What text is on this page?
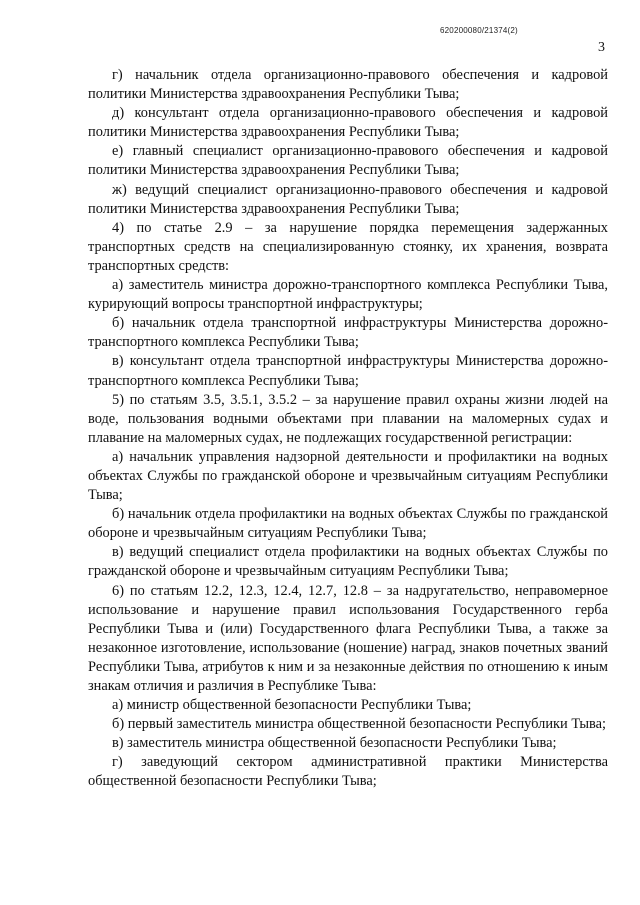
620200080/21374(2)
3

г) начальник отдела организационно-правового обеспечения и кадровой политики Министерства здравоохранения Республики Тыва;

д) консультант отдела организационно-правового обеспечения и кадровой политики Министерства здравоохранения Республики Тыва;

е) главный специалист организационно-правового обеспечения и кадровой политики Министерства здравоохранения Республики Тыва;

ж) ведущий специалист организационно-правового обеспечения и кадровой политики Министерства здравоохранения Республики Тыва;

4) по статье 2.9 – за нарушение порядка перемещения задержанных транспортных средств на специализированную стоянку, их хранения, возврата транспортных средств:

а) заместитель министра дорожно-транспортного комплекса Республики Тыва, курирующий вопросы транспортной инфраструктуры;

б) начальник отдела транспортной инфраструктуры Министерства дорожно-транспортного комплекса Республики Тыва;

в) консультант отдела транспортной инфраструктуры Министерства дорожно-транспортного комплекса Республики Тыва;

5) по статьям 3.5, 3.5.1, 3.5.2 – за нарушение правил охраны жизни людей на воде, пользования водными объектами при плавании на маломерных судах и плавание на маломерных судах, не подлежащих государственной регистрации:

а) начальник управления надзорной деятельности и профилактики на водных объектах Службы по гражданской обороне и чрезвычайным ситуациям Республики Тыва;

б) начальник отдела профилактики на водных объектах Службы по гражданской обороне и чрезвычайным ситуациям Республики Тыва;

в) ведущий специалист отдела профилактики на водных объектах Службы по гражданской обороне и чрезвычайным ситуациям Республики Тыва;

6) по статьям 12.2, 12.3, 12.4, 12.7, 12.8 – за надругательство, неправомерное использование и нарушение правил использования Государственного герба Республики Тыва и (или) Государственного флага Республики Тыва, а также за незаконное изготовление, использование (ношение) наград, знаков почетных званий Республики Тыва, атрибутов к ним и за незаконные действия по отношению к иным знакам отличия и различия в Республике Тыва:

а) министр общественной безопасности Республики Тыва;

б) первый заместитель министра общественной безопасности Республики Тыва;

в) заместитель министра общественной безопасности Республики Тыва;

г) заведующий сектором административной практики Министерства общественной безопасности Республики Тыва;
